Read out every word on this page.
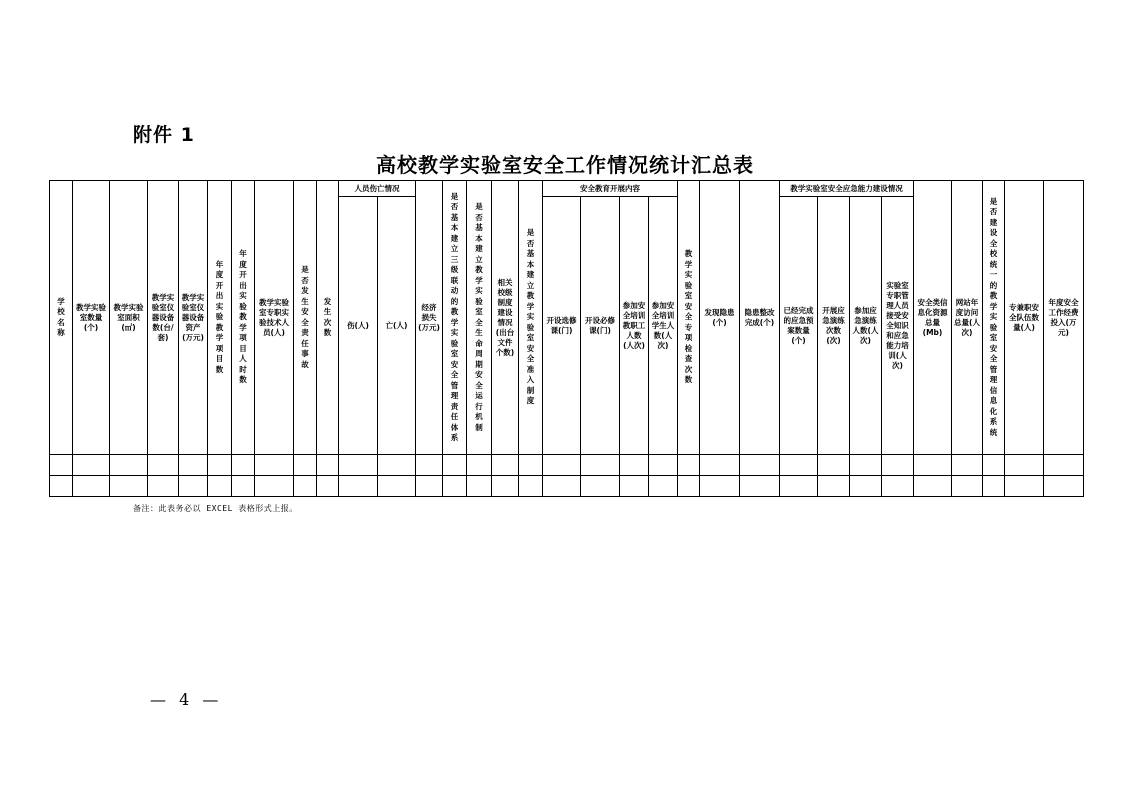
附件 1
高校教学实验室安全工作情况统计汇总表
学校名称	教学实验室数量(个)	教学实验室面积(㎡)	教学实验室仪器设备数(台/套)	教学实验室仪器设备资产(万元)	年度开出实验教学项目数	年度开出实验教学项目人时数	教学实验室专职实验技术人员(人)	是否发生安全责任事故	发生次数	人员伤亡情况		经济损失(万元)	是否基本建立三级联动的教学实验室安全管理责任体系	是否基本建立教学实验室全生命周期安全运行机制	相关校级制度建设情况(出台文件个数)	是否基本建立教学实验室安全准入制度	安全教育开展内容				教学实验室安全专项检查次数	发现隐患(个)	隐患整改完成(个)	教学实验室安全应急能力建设情况				安全类信息化资源总量(Mb)	网站年度访问总量(人次)	是否建设全校统一的教学实验室安全管理信息化系统	专兼职安全队伍数量(人)	年度安全工作经费投入(万元)

										伤(人)	亡(人)						开设选修课(门)	开设必修课(门)	参加安全培训教职工人数(人次)	参加安全培训学生人数(人次)				已经完成的应急预案数量(个)	开展应急演练次数(次)	参加应急演练人数(人次)	实验室专职管理人员接受安全知识和应急能力培训(人次)					

备注：此表务必以 EXCEL 表格形式上报。
— 4 —
